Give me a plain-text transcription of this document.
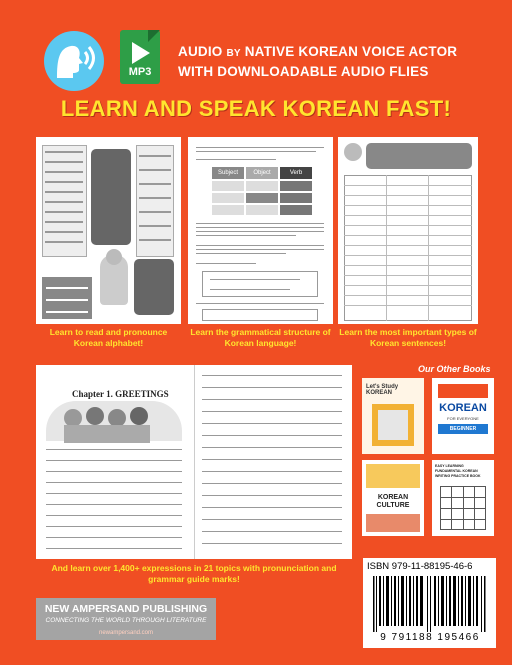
MP3
AUDIO BY NATIVE KOREAN VOICE ACTOR
WITH DOWNLOADABLE AUDIO FLIES
LEARN AND SPEAK KOREAN FAST!
Subject	Object	Verb
Learn to read and pronounce Korean alphabet!
Learn the grammatical structure of Korean language!
Learn the most important types of Korean sentences!
Chapter 1. GREETINGS
And learn over 1,400+ expressions in 21 topics with pronunciation and grammar guide marks!
Our Other Books
Let's Study KOREAN
KOREAN
FOR EVERYONE
BEGINNER
KOREAN CULTURE
EASY LEARNING FUNDAMENTAL KOREAN WRITING PRACTICE BOOK
ISBN 979-11-88195-46-6
9 791188 195466
NEW AMPERSAND PUBLISHING
CONNECTING THE WORLD THROUGH LITERATURE
newampersand.com
